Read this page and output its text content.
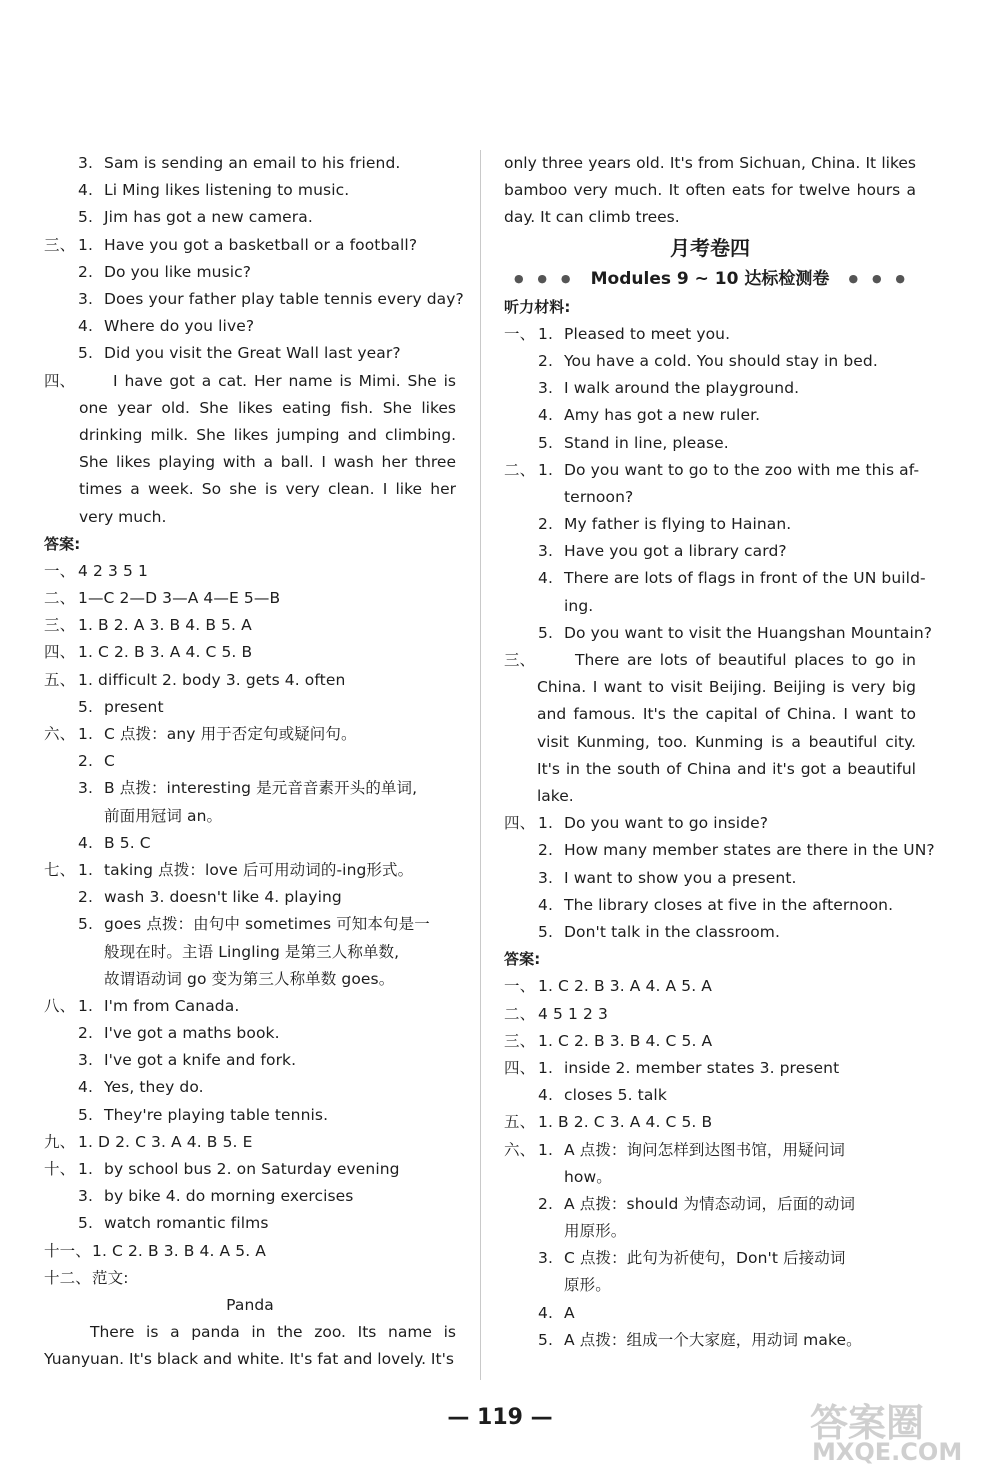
3. Sam is sending an email to his friend.
4. Li Ming likes listening to music.
5. Jim has got a new camera.
三、 1. Have you got a basketball or a football?
2. Do you like music?
3. Does your father play table tennis every day?
4. Where do you live?
5. Did you visit the Great Wall last year?
四、	I have got a cat. Her name is Mimi. She is one year old. She likes eating fish. She likes drinking milk. She likes jumping and climbing. She likes playing with a ball. I wash her three times a week. So she is very clean. I like her very much.
答案:
一、 4 2 3 5 1
二、 1—C 2—D 3—A 4—E 5—B
三、 1. B 2. A 3. B 4. B 5. A
四、 1. C 2. B 3. A 4. C 5. B
五、 1. difficult 2. body 3. gets 4. often
5. present
六、 1. C 点拨：any 用于否定句或疑问句。
2. C
3. B 点拨：interesting 是元音音素开头的单词,
前面用冠词 an。
4. B 5. C
七、 1. taking 点拨：love 后可用动词的-ing形式。
2. wash 3. doesn't like 4. playing
5. goes 点拨：由句中 sometimes 可知本句是一
般现在时。主语 Lingling 是第三人称单数,
故谓语动词 go 变为第三人称单数 goes。
八、 1. I'm from Canada.
2. I've got a maths book.
3. I've got a knife and fork.
4. Yes, they do.
5. They're playing table tennis.
九、 1. D 2. C 3. A 4. B 5. E
十、 1. by school bus 2. on Saturday evening
3. by bike 4. do morning exercises
5. watch romantic films
十一、 1. C 2. B 3. B 4. A 5. A
十二、 范文:
Panda
There is a panda in the zoo. Its name is Yuanyuan. It's black and white. It's fat and lovely. It's
only three years old. It's from Sichuan, China. It likes bamboo very much. It often eats for twelve hours a day. It can climb trees.
月考卷四
● ● ● Modules 9 ~ 10 达标检测卷 ● ● ●
听力材料:
一、 1. Pleased to meet you.
2. You have a cold. You should stay in bed.
3. I walk around the playground.
4. Amy has got a new ruler.
5. Stand in line, please.
二、 1. Do you want to go to the zoo with me this af-
ternoon?
2. My father is flying to Hainan.
3. Have you got a library card?
4. There are lots of flags in front of the UN build-
ing.
5. Do you want to visit the Huangshan Mountain?
三、	There are lots of beautiful places to go in China. I want to visit Beijing. Beijing is very big and famous. It's the capital of China. I want to visit Kunming, too. Kunming is a beautiful city. It's in the south of China and it's got a beautiful lake.
四、 1. Do you want to go inside?
2. How many member states are there in the UN?
3. I want to show you a present.
4. The library closes at five in the afternoon.
5. Don't talk in the classroom.
答案:
一、 1. C 2. B 3. A 4. A 5. A
二、 4 5 1 2 3
三、 1. C 2. B 3. B 4. C 5. A
四、 1. inside 2. member states 3. present
4. closes 5. talk
五、 1. B 2. C 3. A 4. C 5. B
六、 1. A 点拨：询问怎样到达图书馆，用疑问词
how。
2. A 点拨：should 为情态动词，后面的动词
用原形。
3. C 点拨：此句为祈使句，Don't 后接动词
原形。
4. A
5. A 点拨：组成一个大家庭，用动词 make。
— 119 —	答案圈
MXQE.COM
